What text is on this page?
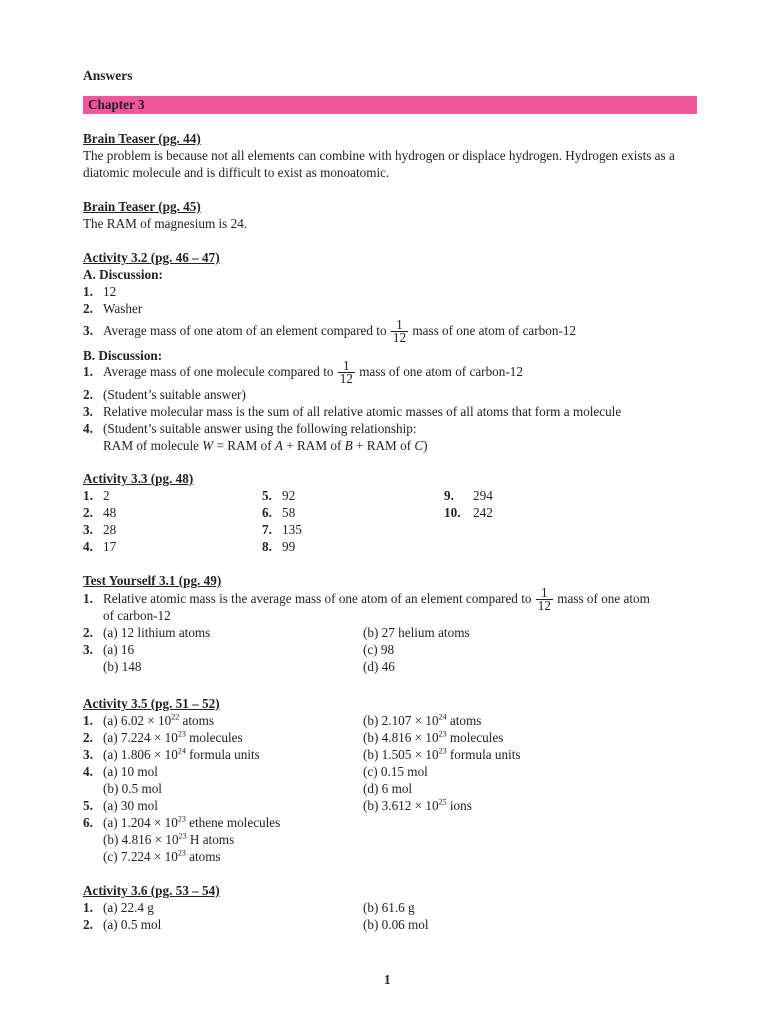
Answers
Chapter 3
Brain Teaser (pg. 44)
The problem is because not all elements can combine with hydrogen or displace hydrogen. Hydrogen exists as a diatomic molecule and is difficult to exist as monoatomic.
Brain Teaser (pg. 45)
The RAM of magnesium is 24.
Activity 3.2 (pg. 46 – 47)
A. Discussion:
1. 12
2. Washer
3. Average mass of one atom of an element compared to $\frac{1}{12}$ mass of one atom of carbon-12
B. Discussion:
1. Average mass of one molecule compared to $\frac{1}{12}$ mass of one atom of carbon-12
2. (Student’s suitable answer)
3. Relative molecular mass is the sum of all relative atomic masses of all atoms that form a molecule
4. (Student’s suitable answer using the following relationship:
RAM of molecule W = RAM of A + RAM of B + RAM of C)
Activity 3.3 (pg. 48)
1. 2
2. 48
3. 28
4. 17
5. 92
6. 58
7. 135
8. 99
9. 294
10. 242
Test Yourself 3.1 (pg. 49)
1. Relative atomic mass is the average mass of one atom of an element compared to $\frac{1}{12}$ mass of one atom
of carbon-12
2. (a) 12 lithium atoms	(b) 27 helium atoms
3. (a) 16	(c) 98
(b) 148	(d) 46
Activity 3.5 (pg. 51 – 52)
1. (a) $6.02 \times 10^{22}$ atoms	(b) $2.107 \times 10^{24}$ atoms
2. (a) $7.224 \times 10^{23}$ molecules	(b) $4.816 \times 10^{23}$ molecules
3. (a) $1.806 \times 10^{24}$ formula units	(b) $1.505 \times 10^{23}$ formula units
4. (a) 10 mol	(c) 0.15 mol
(b) 0.5 mol	(d) 6 mol
5. (a) 30 mol	(b) $3.612 \times 10^{25}$ ions
6. (a) $1.204 \times 10^{23}$ ethene molecules
(b) $4.816 \times 10^{23}$ H atoms
(c) $7.224 \times 10^{23}$ atoms
Activity 3.6 (pg. 53 – 54)
1. (a) 22.4 g	(b) 61.6 g
2. (a) 0.5 mol	(b) 0.06 mol
1
